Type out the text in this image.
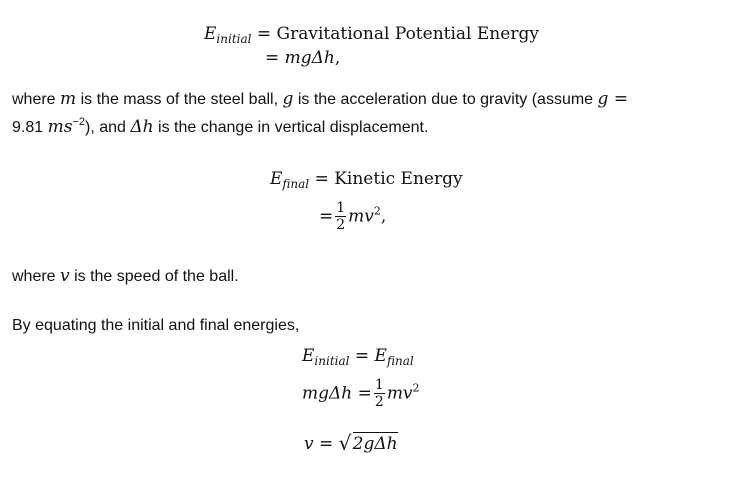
$E_{initial}$ = Gravitational Potential Energy
= mgΔh,
where m is the mass of the steel ball, g is the acceleration due to gravity (assume g =
9.81 $ms^{-2}$), and Δh is the change in vertical displacement.
$E_{final}$ = Kinetic Energy
= $\frac{1}{2} mv^2$,
where v is the speed of the ball.
By equating the initial and final energies,
$E_{initial} = E_{final}$
$mg\Delta h = \frac{1}{2} mv^2$
v = √ 2gΔh
